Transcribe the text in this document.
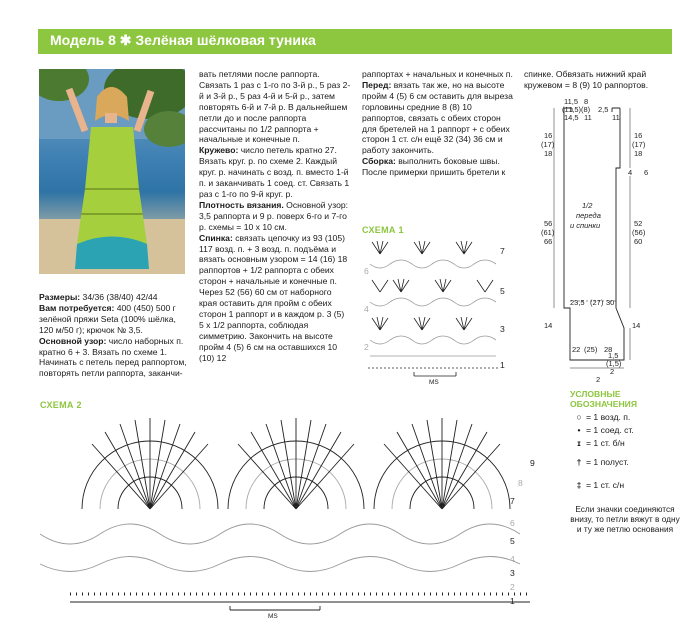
Модель 8 ✱ Зелёная шёлковая туника

Размеры: 34/36 (38/40) 42/44

Вам потребуется: 400 (450) 500 г зелёной пряжи Seta (100% шёлка, 120 м/50 г); крючок № 3,5.

Основной узор: число наборных п. кратно 6 + 3. Вязать по схеме 1. Начинать с петель перед раппортом, повторять петли раппорта, заканчи-

вать петлями после раппорта. Связать 1 раз с 1-го по 3-й р., 5 раз 2-й и 3-й р., 5 раз 4-й и 5-й р., затем повторять 6-й и 7-й р. В дальнейшем петли до и после раппорта рассчитаны по 1/2 раппорта + начальные и конечные п.

Кружево: число петель кратно 27. Вязать круг. р. по схеме 2. Каждый круг. р. начинать с возд. п. вместо 1-й п. и заканчивать 1 соед. ст. Связать 1 раз с 1-го по 9-й круг. р.

Плотность вязания. Основной узор: 3,5 раппорта и 9 р. поверх 6-го и 7-го р. схемы = 10 х 10 см.

Спинка: связать цепочку из 93 (105) 117 возд. п. + 3 возд. п. подъёма и вязать основным узором = 14 (16) 18 раппортов + 1/2 раппорта с обеих сторон + начальные и конечные п. Через 52 (56) 60 см от наборного края оставить для пройм с обеих сторон 1 раппорт и в каждом р. 3 (5) 5 х 1/2 раппорта, соблюдая симметрию. Закончить на высоте пройм 4 (5) 6 см на оставшихся 10 (10) 12

раппортах + начальных и конечных п.

Перед: вязать так же, но на высоте пройм 4 (5) 6 см оставить для выреза горловины средние 8 (8) 10 раппортов, связать с обеих сторон для бретелей на 1 раппорт + с обеих сторон 1 ст. с/н ещё 32 (34) 36 см и работу закончить.

Сборка: выполнить боковые швы. После примерки пришить бретели к

спинке. Обвязать нижний край кружевом = 8 (9) 10 раппортов.

СХЕМА 1
7
6
5
4
3
2
1
MS
11,5
(11,5)
14,5
8
(8)
11
2,5
11
16
(17)
18
56
(61)
66
16
(17)
18
4 6
52
(56)
60
14
1/2
переда
и спинки
23,5 (27) 30
22 (25) 28
1,5
(1,5)
2
2
14
СХЕМА 2
9
8
7
6
5
4
3
2
1
MS
УСЛОВНЫЕ
ОБОЗНАЧЕНИЯ
○ = 1 возд. п.
• = 1 соед. ст.
ɪ = 1 ст. б/н
† = 1 полуст.
‡ = 1 ст. с/н
Если значки соединяются внизу, то петли вяжут в одну и ту же петлю основания
